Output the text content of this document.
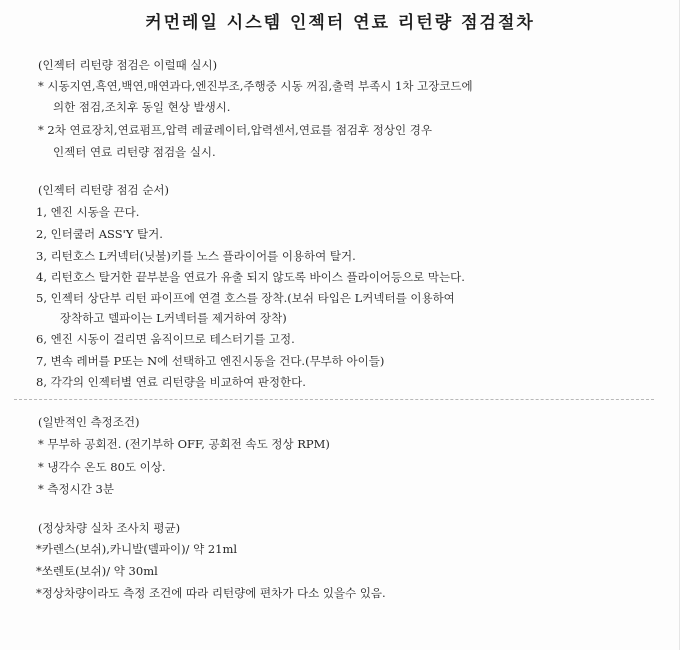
커먼레일 시스템 인젝터 연료 리턴량 점검절차
(인젝터 리턴량 점검은 이럴때 실시)
* 시동지연,흑연,백연,매연과다,엔진부조,주행중 시동 꺼짐,출력 부족시 1차 고장코드에
의한 점검,조치후 동일 현상 발생시.
* 2차 연료장치,연료펌프,압력 레귤레이터,압력센서,연료를 점검후 정상인 경우
인젝터 연료 리턴량 점검을 실시.
(인젝터 리턴량 점검 순서)
1, 엔진 시동을 끈다.
2, 인터쿨러 ASS'Y 탈거.
3, 리턴호스 L커넥터(닛불)키를 노스 플라이어를 이용하여 탈거.
4, 리턴호스 탈거한 끝부분을 연료가 유출 되지 않도록 바이스 플라이어등으로 막는다.
5, 인젝터 상단부 리턴 파이프에 연결 호스를 장착.(보쉬 타입은 L커넥터를 이용하여
장착하고 델파이는 L커넥터를 제거하여 장착)
6, 엔진 시동이 걸리면 움직이므로 테스터기를 고정.
7, 변속 레버를 P또는 N에 선택하고 엔진시동을 건다.(무부하 아이들)
8, 각각의 인젝터별 연료 리턴량을 비교하여 판정한다.
(일반적인 측정조건)
* 무부하 공회전. (전기부하 OFF, 공회전 속도 정상 RPM)
* 냉각수 온도 80도 이상.
* 측정시간 3분
(정상차량 실차 조사치 평균)
*카렌스(보쉬),카니발(델파이)/ 약 21ml
*쏘렌토(보쉬)/ 약 30ml
*정상차량이라도 측정 조건에 따라 리턴량에 편차가 다소 있을수 있음.
